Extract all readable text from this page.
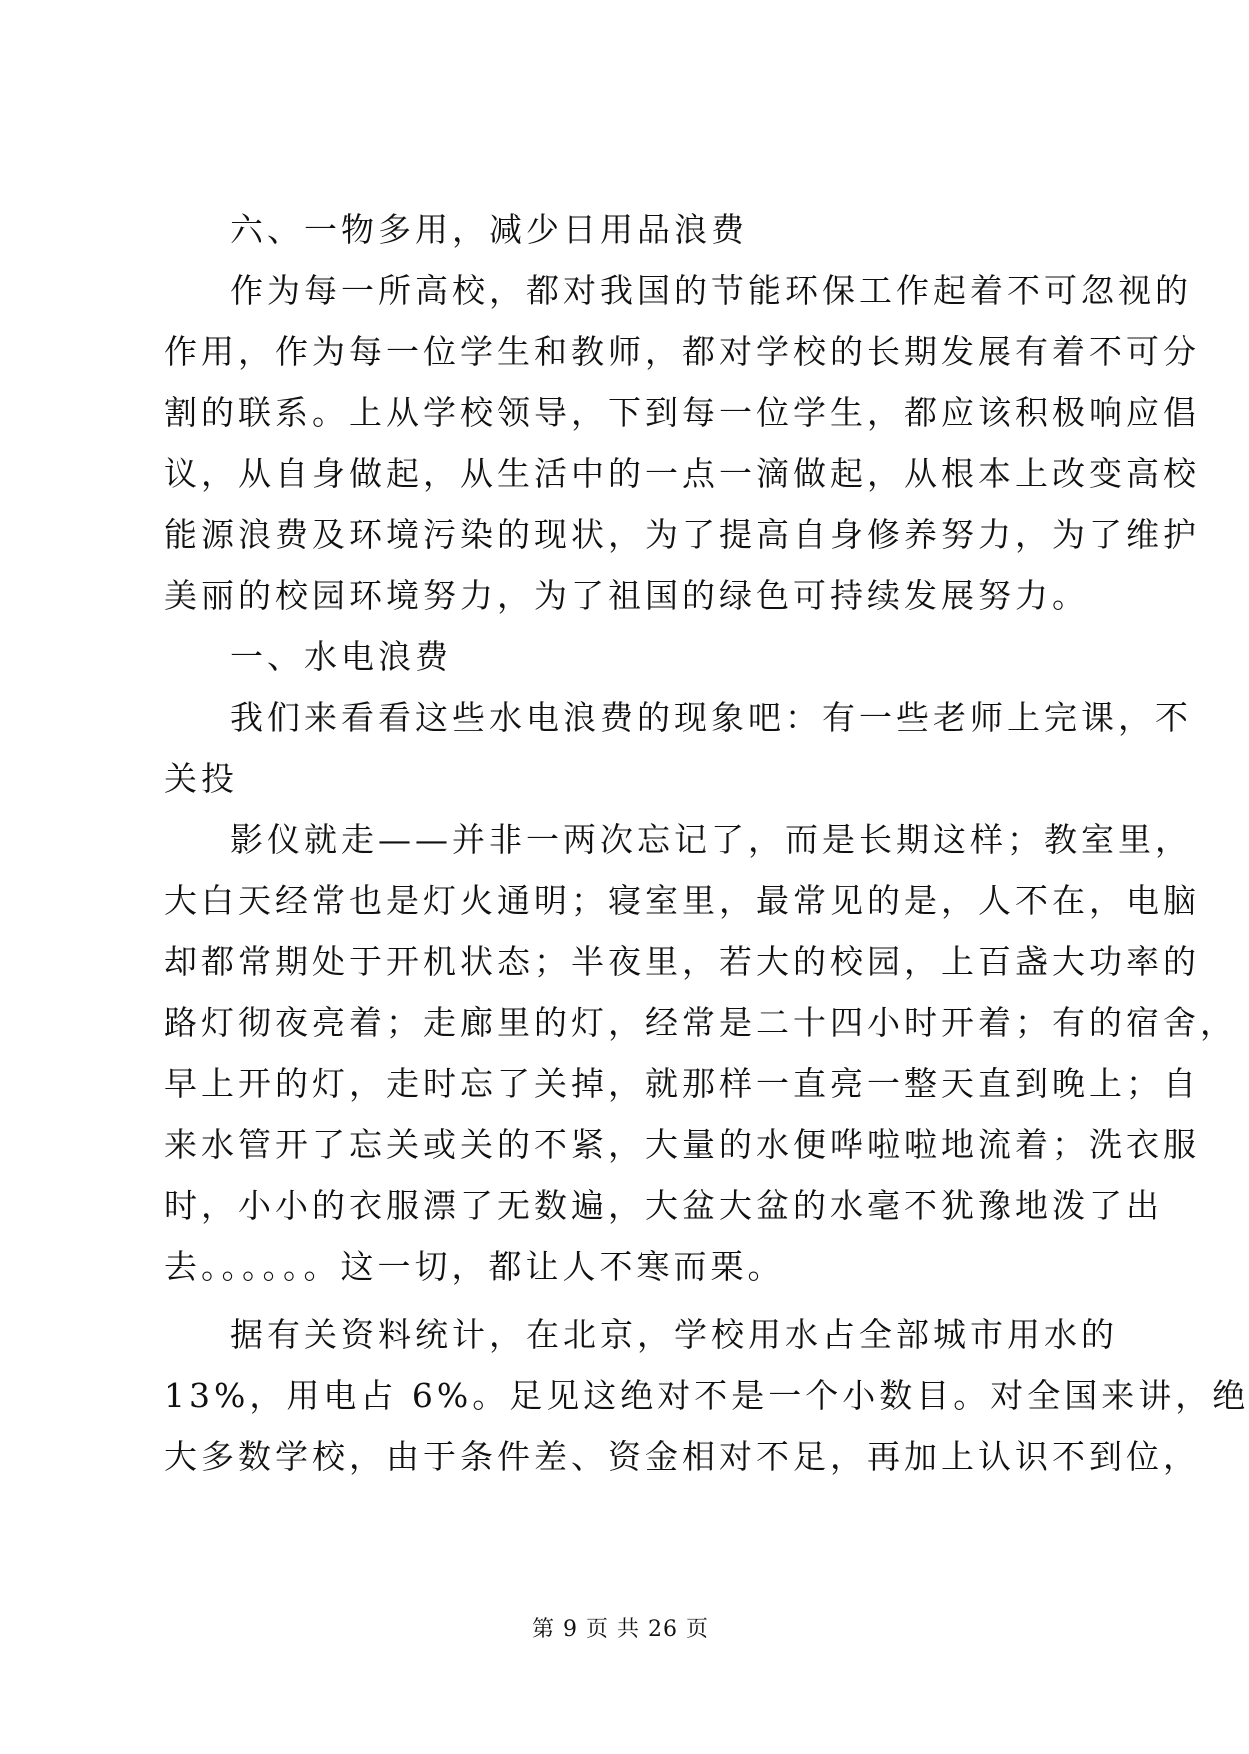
六、一物多用，减少日用品浪费
作为每一所高校，都对我国的节能环保工作起着不可忽视的
作用，作为每一位学生和教师，都对学校的长期发展有着不可分
割的联系。上从学校领导，下到每一位学生，都应该积极响应倡
议，从自身做起，从生活中的一点一滴做起，从根本上改变高校
能源浪费及环境污染的现状，为了提高自身修养努力，为了维护
美丽的校园环境努力，为了祖国的绿色可持续发展努力。
一、水电浪费
我们来看看这些水电浪费的现象吧：有一些老师上完课，不
关投
影仪就走——并非一两次忘记了，而是长期这样；教室里，
大白天经常也是灯火通明；寝室里，最常见的是，人不在，电脑
却都常期处于开机状态；半夜里，若大的校园，上百盏大功率的
路灯彻夜亮着；走廊里的灯，经常是二十四小时开着；有的宿舍，
早上开的灯，走时忘了关掉，就那样一直亮一整天直到晚上；自
来水管开了忘关或关的不紧，大量的水便哗啦啦地流着；洗衣服
时，小小的衣服漂了无数遍，大盆大盆的水毫不犹豫地泼了出
去。。。。。。这一切，都让人不寒而栗。
据有关资料统计，在北京，学校用水占全部城市用水的
13%，用电占 6%。足见这绝对不是一个小数目。对全国来讲，绝
大多数学校，由于条件差、资金相对不足，再加上认识不到位，
第 9 页 共 26 页
